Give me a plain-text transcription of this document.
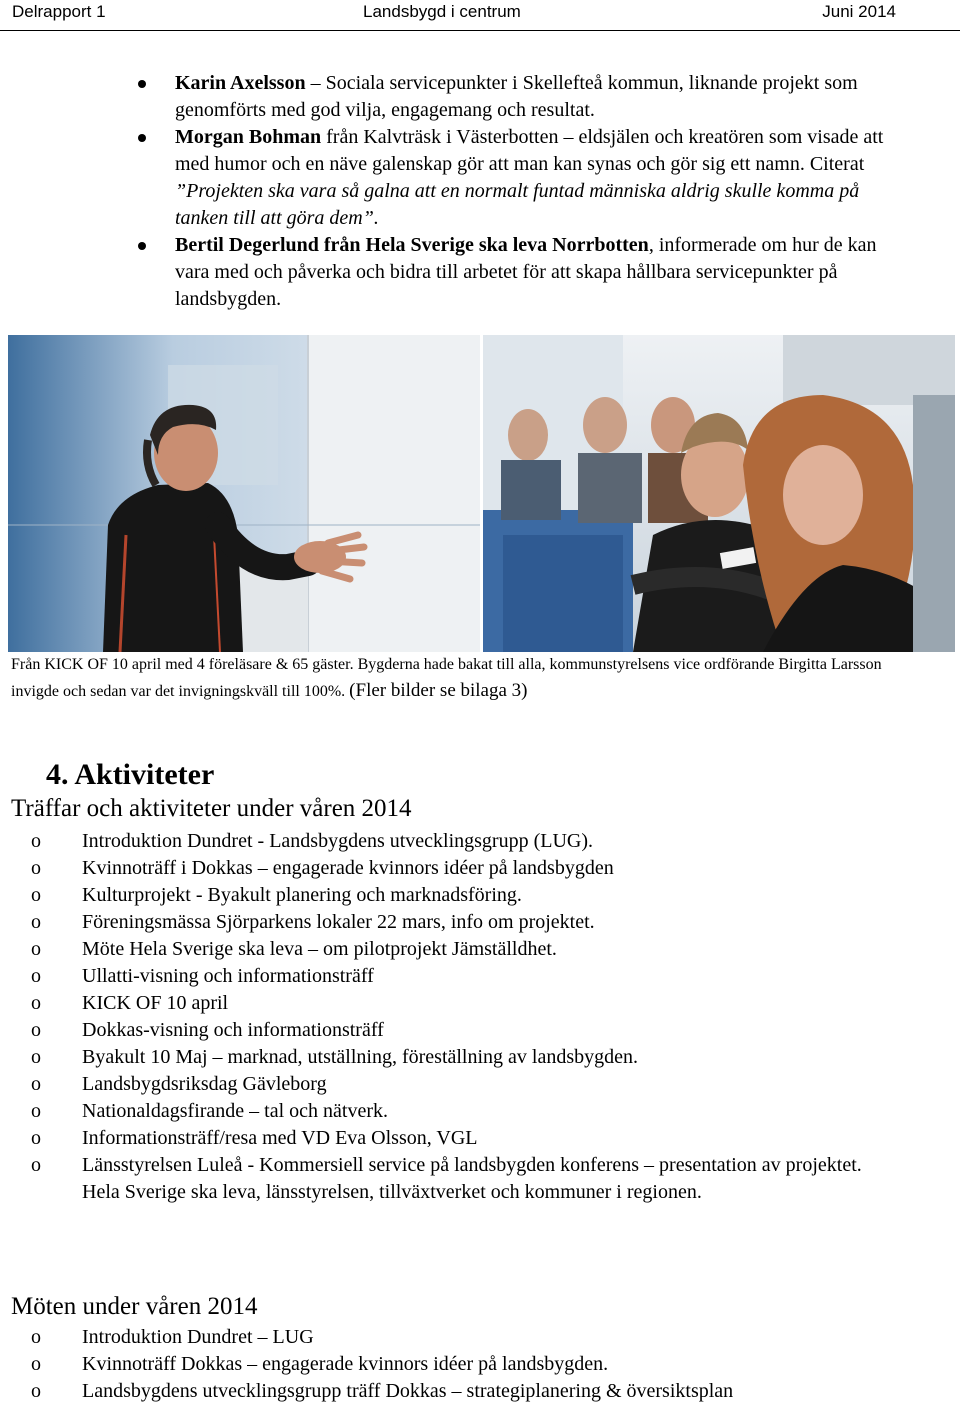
Delrapport 1	Landsbygd i centrum	Juni 2014
Karin Axelsson – Sociala servicepunkter i Skellefteå kommun, liknande projekt som genomförts med god vilja, engagemang och resultat.
Morgan Bohman från Kalvträsk i Västerbotten – eldsjälen och kreatören som visade att med humor och en näve galenskap gör att man kan synas och gör sig ett namn. Citerat ”Projekten ska vara så galna att en normalt funtad människa aldrig skulle komma på tanken till att göra dem”.
Bertil Degerlund från Hela Sverige ska leva Norrbotten, informerade om hur de kan vara med och påverka och bidra till arbetet för att skapa hållbara servicepunkter på landsbygden.
Från KICK OF 10 april med 4 föreläsare & 65 gäster. Bygderna hade bakat till alla, kommunstyrelsens vice ordförande Birgitta Larsson invigde och sedan var det invigningskväll till 100%. (Fler bilder se bilaga 3)
4. Aktiviteter
Träffar och aktiviteter under våren 2014
o Introduktion Dundret - Landsbygdens utvecklingsgrupp (LUG).
o Kvinnoträff i Dokkas – engagerade kvinnors idéer på landsbygden
o Kulturprojekt - Byakult planering och marknadsföring.
o Föreningsmässa Sjörparkens lokaler 22 mars, info om projektet.
o Möte Hela Sverige ska leva – om pilotprojekt Jämställdhet.
o Ullatti-visning och informationsträff
o KICK OF 10 april
o Dokkas-visning och informationsträff
o Byakult 10 Maj – marknad, utställning, föreställning av landsbygden.
o Landsbygdsriksdag Gävleborg
o Nationaldagsfirande – tal och nätverk.
o Informationsträff/resa med VD Eva Olsson, VGL
o Länsstyrelsen Luleå - Kommersiell service på landsbygden konferens – presentation av projektet. Hela Sverige ska leva, länsstyrelsen, tillväxtverket och kommuner i regionen.
Möten under våren 2014
o Introduktion Dundret – LUG
o Kvinnoträff Dokkas – engagerade kvinnors idéer på landsbygden.
o Landsbygdens utvecklingsgrupp träff Dokkas – strategiplanering & översiktsplan
